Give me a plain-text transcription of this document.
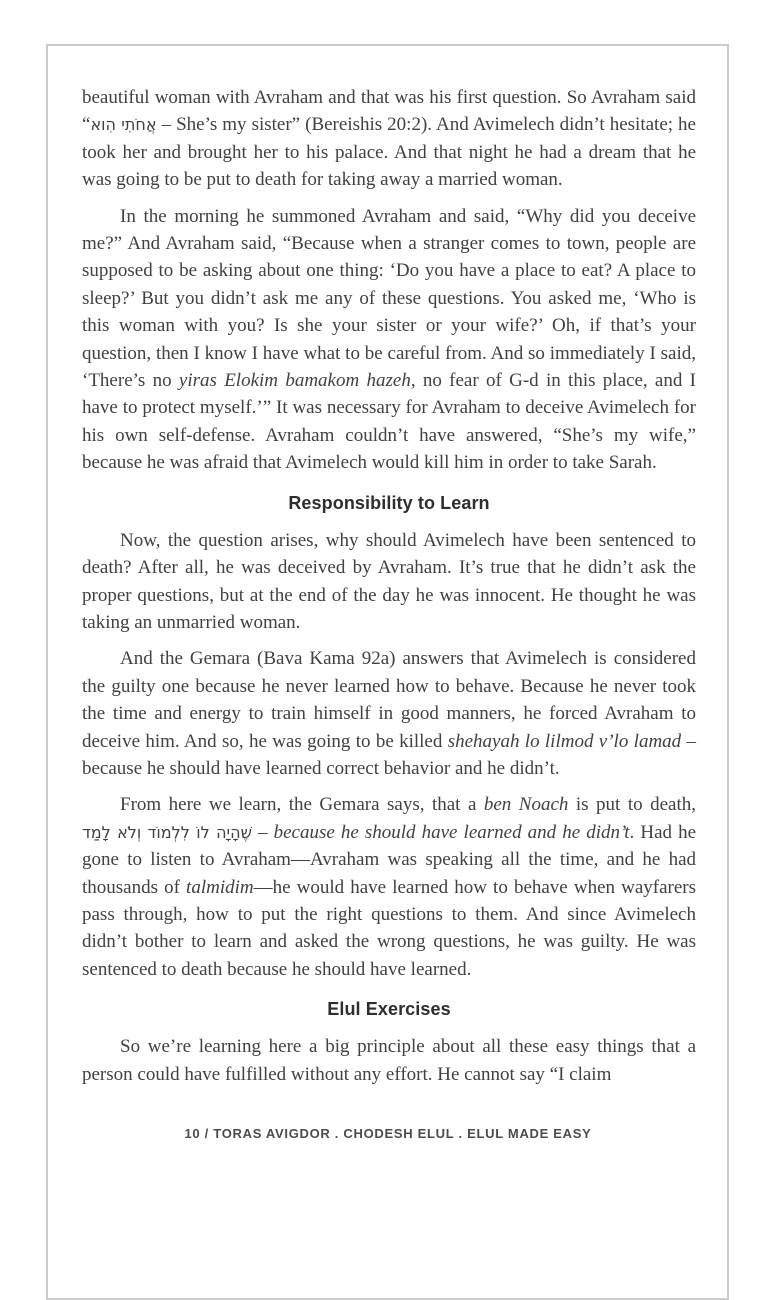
beautiful woman with Avraham and that was his first question. So Avraham said “אֲחֹתִי הִוא – She’s my sister” (Bereishis 20:2). And Avimelech didn’t hesitate; he took her and brought her to his palace. And that night he had a dream that he was going to be put to death for taking away a married woman.

In the morning he summoned Avraham and said, “Why did you deceive me?” And Avraham said, “Because when a stranger comes to town, people are supposed to be asking about one thing: ‘Do you have a place to eat? A place to sleep?’ But you didn’t ask me any of these questions. You asked me, ‘Who is this woman with you? Is she your sister or your wife?’ Oh, if that’s your question, then I know I have what to be careful from. And so immediately I said, ‘There’s no yiras Elokim bamakom hazeh, no fear of G-d in this place, and I have to protect myself.’” It was necessary for Avraham to deceive Avimelech for his own self-defense. Avraham couldn’t have answered, “She’s my wife,” because he was afraid that Avimelech would kill him in order to take Sarah.

Responsibility to Learn

Now, the question arises, why should Avimelech have been sentenced to death? After all, he was deceived by Avraham. It’s true that he didn’t ask the proper questions, but at the end of the day he was innocent. He thought he was taking an unmarried woman.

And the Gemara (Bava Kama 92a) answers that Avimelech is considered the guilty one because he never learned how to behave. Because he never took the time and energy to train himself in good manners, he forced Avraham to deceive him. And so, he was going to be killed shehayah lo lilmod v’lo lamad – because he should have learned correct behavior and he didn’t.

From here we learn, the Gemara says, that a ben Noach is put to death, שֶׁהָיָה לוֹ לִלְמוֹד וְלֹא לָמַד – because he should have learned and he didn’t. Had he gone to listen to Avraham—Avraham was speaking all the time, and he had thousands of talmidim—he would have learned how to behave when wayfarers pass through, how to put the right questions to them. And since Avimelech didn’t bother to learn and asked the wrong questions, he was guilty. He was sentenced to death because he should have learned.

Elul Exercises

So we’re learning here a big principle about all these easy things that a person could have fulfilled without any effort. He cannot say “I claim

10 / TORAS AVIGDOR . CHODESH ELUL . ELUL MADE EASY
